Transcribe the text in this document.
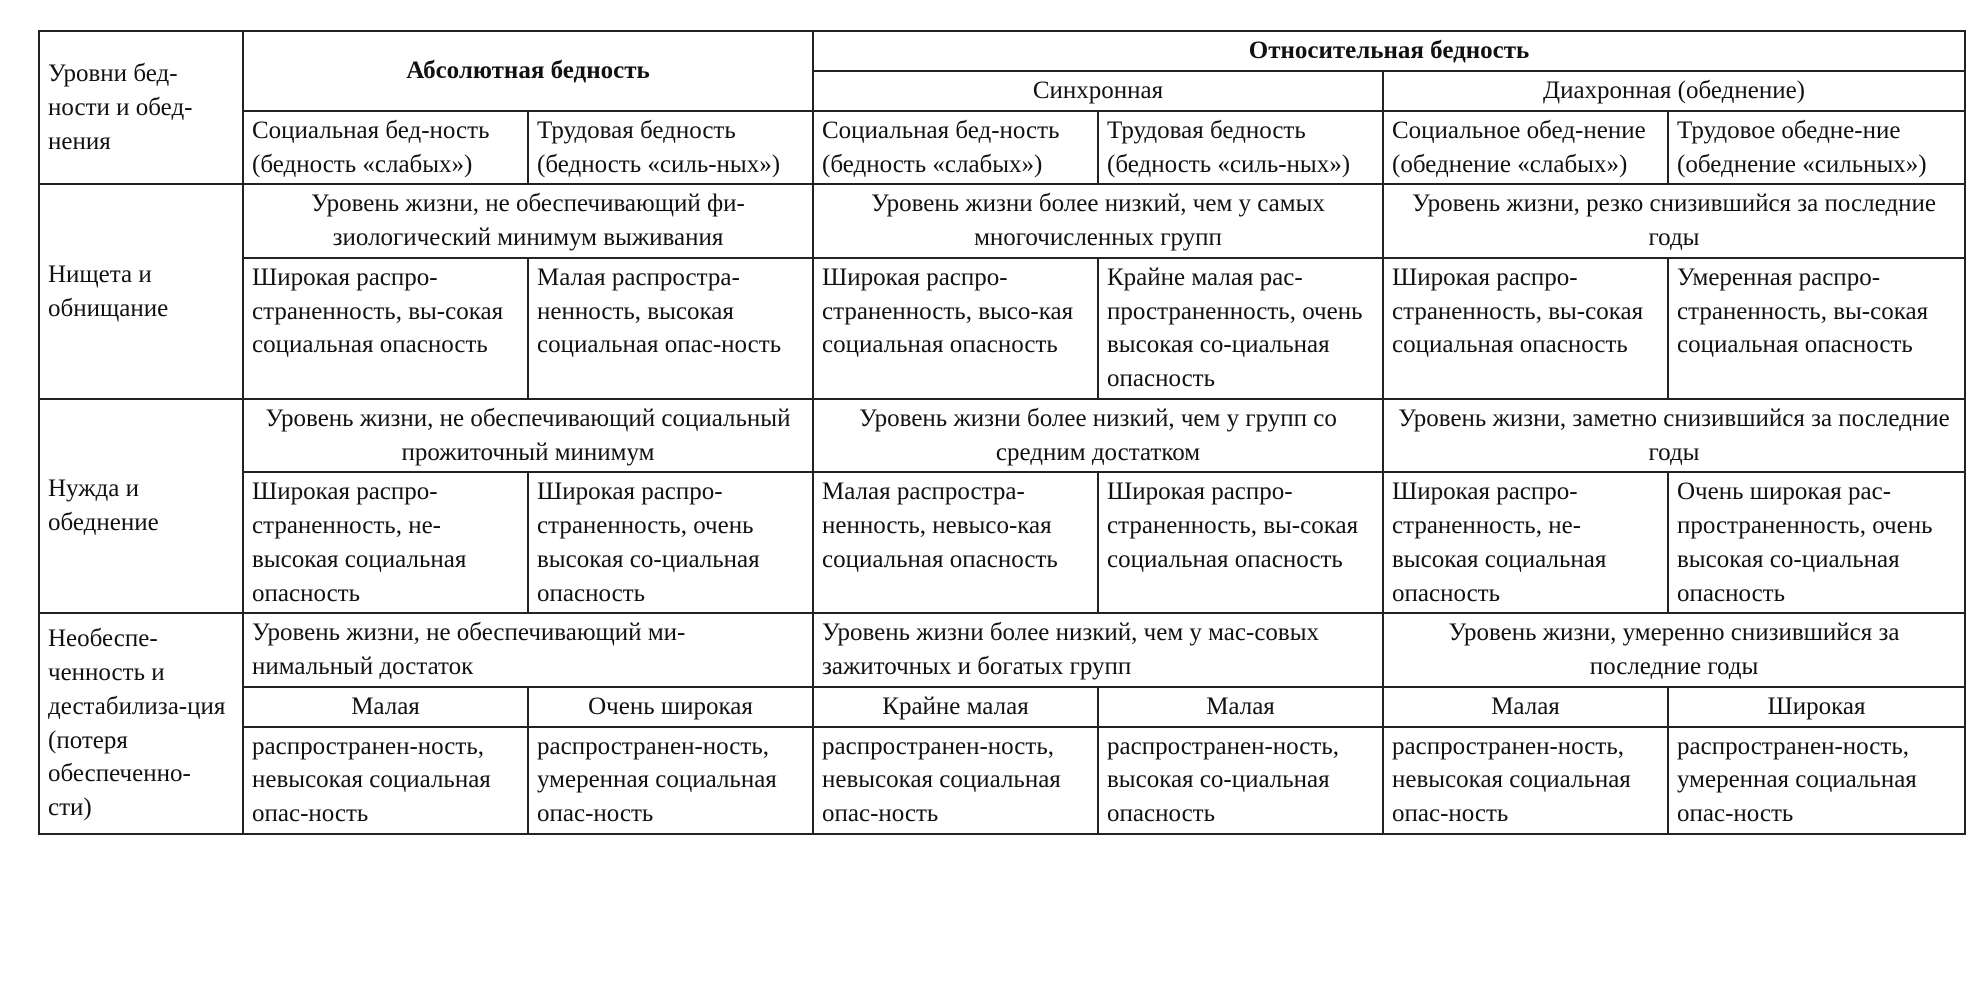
Уровни бед-ности и обед-нения	Абсолютная бедность		Относительная бедность			
			Синхронная		Диахронная (обеднение)	
	Социальная бед-ность (бедность «слабых»)	Трудовая бедность (бедность «силь-ных»)	Социальная бед-ность (бедность «слабых»)	Трудовая бедность (бедность «силь-ных»)	Социальное обед-нение (обеднение «слабых»)	Трудовое обедне-ние (обеднение «сильных»)
Нищета и обнищание	Уровень жизни, не обеспечивающий фи-зиологический минимум выживания		Уровень жизни более низкий, чем у самых многочисленных групп		Уровень жизни, резко снизившийся за последние годы	
	Широкая распро-страненность, вы-сокая социальная опасность	Малая распростра-ненность, высокая социальная опас-ность	Широкая распро-страненность, высо-кая социальная опасность	Крайне малая рас-пространенность, очень высокая со-циальная опасность	Широкая распро-страненность, вы-сокая социальная опасность	Умеренная распро-страненность, вы-сокая социальная опасность
Нужда и обеднение	Уровень жизни, не обеспечивающий социальный прожиточный минимум		Уровень жизни более низкий, чем у групп со средним достатком		Уровень жизни, заметно снизившийся за последние годы	
	Широкая распро-страненность, не-высокая социальная опасность	Широкая распро-страненность, очень высокая со-циальная опасность	Малая распростра-ненность, невысо-кая социальная опасность	Широкая распро-страненность, вы-сокая социальная опасность	Широкая распро-страненность, не-высокая социальная опасность	Очень широкая рас-пространенность, очень высокая со-циальная опасность
Необеспе-ченность и дестабилиза-ция (потеря обеспеченно-сти)	Уровень жизни, не обеспечивающий ми-нимальный достаток		Уровень жизни более низкий, чем у мас-совых зажиточных и богатых групп		Уровень жизни, умеренно снизившийся за последние годы	
	Малая	Очень широкая	Крайне малая	Малая	Малая	Широкая
	распространен-ность, невысокая социальная опас-ность	распространен-ность, умеренная социальная опас-ность	распространен-ность, невысокая социальная опас-ность	распространен-ность, высокая со-циальная опасность	распространен-ность, невысокая социальная опас-ность	распространен-ность, умеренная социальная опас-ность
